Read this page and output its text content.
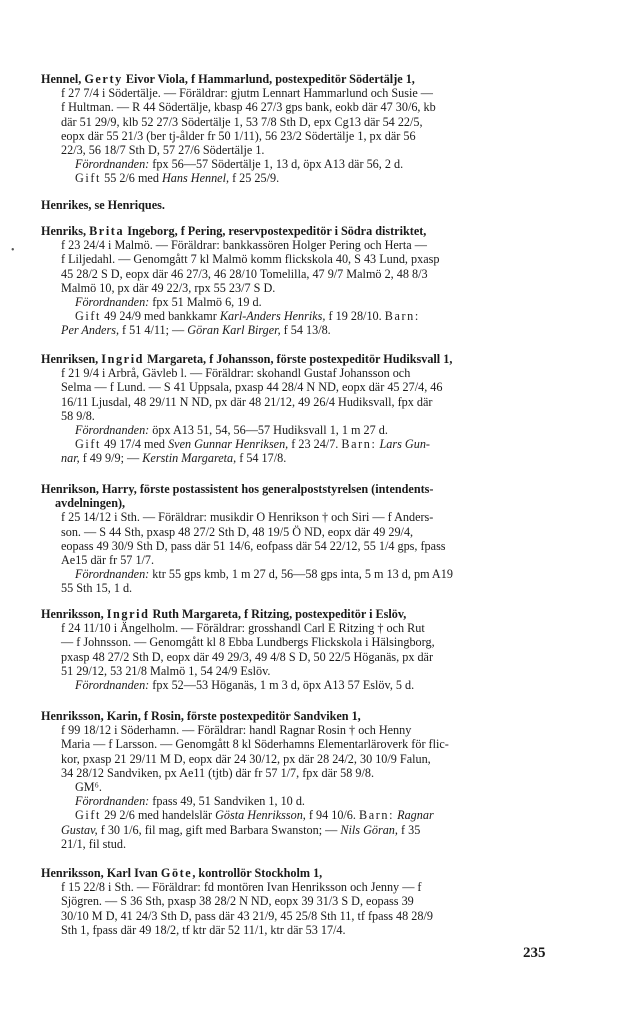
Hennel, Gerty Eivor Viola, f Hammarlund, postexpeditör Södertälje 1,

f 27 7/4 i Södertälje. — Föräldrar: gjutm Lennart Hammarlund och Susie —

f Hultman. — R 44 Södertälje, kbasp 46 27/3 gps bank, eokb där 47 30/6, kb

där 51 29/9, klb 52 27/3 Södertälje 1, 53 7/8 Sth D, epx Cg13 där 54 22/5,

eopx där 55 21/3 (ber tj-ålder fr 50 1/11), 56 23/2 Södertälje 1, px där 56

22/3, 56 18/7 Sth D, 57 27/6 Södertälje 1.

Förordnanden: fpx 56—57 Södertälje 1, 13 d, öpx A13 där 56, 2 d.

Gift 55 2/6 med Hans Hennel, f 25 25/9.

Henrikes, se Henriques.

•

Henriks, Brita Ingeborg, f Pering, reservpostexpeditör i Södra distriktet,

f 23 24/4 i Malmö. — Föräldrar: bankkassören Holger Pering och Herta —

f Liljedahl. — Genomgått 7 kl Malmö komm flickskola 40, S 43 Lund, pxasp

45 28/2 S D, eopx där 46 27/3, 46 28/10 Tomelilla, 47 9/7 Malmö 2, 48 8/3

Malmö 10, px där 49 22/3, rpx 55 23/7 S D.

Förordnanden: fpx 51 Malmö 6, 19 d.

Gift 49 24/9 med bankkamr Karl-Anders Henriks, f 19 28/10. Barn:

Per Anders, f 51 4/11; — Göran Karl Birger, f 54 13/8.

Henriksen, Ingrid Margareta, f Johansson, förste postexpeditör Hudiksvall 1,

f 21 9/4 i Arbrå, Gävleb l. — Föräldrar: skohandl Gustaf Johansson och

Selma — f Lund. — S 41 Uppsala, pxasp 44 28/4 N ND, eopx där 45 27/4, 46

16/11 Ljusdal, 48 29/11 N ND, px där 48 21/12, 49 26/4 Hudiksvall, fpx där

58 9/8.

Förordnanden: öpx A13 51, 54, 56—57 Hudiksvall 1, 1 m 27 d.

Gift 49 17/4 med Sven Gunnar Henriksen, f 23 24/7. Barn: Lars Gun-

nar, f 49 9/9; — Kerstin Margareta, f 54 17/8.

Henrikson, Harry, förste postassistent hos generalpoststyrelsen (intendents-
avdelningen),

f 25 14/12 i Sth. — Föräldrar: musikdir O Henrikson † och Siri — f Anders-

son. — S 44 Sth, pxasp 48 27/2 Sth D, 48 19/5 Ö ND, eopx där 49 29/4,

eopass 49 30/9 Sth D, pass där 51 14/6, eofpass där 54 22/12, 55 1/4 gps, fpass

Ae15 där fr 57 1/7.

Förordnanden: ktr 55 gps kmb, 1 m 27 d, 56—58 gps inta, 5 m 13 d, pm A19

55 Sth 15, 1 d.

Henriksson, Ingrid Ruth Margareta, f Ritzing, postexpeditör i Eslöv,

f 24 11/10 i Ängelholm. — Föräldrar: grosshandl Carl E Ritzing † och Rut

— f Johnsson. — Genomgått kl 8 Ebba Lundbergs Flickskola i Hälsingborg,

pxasp 48 27/2 Sth D, eopx där 49 29/3, 49 4/8 S D, 50 22/5 Höganäs, px där

51 29/12, 53 21/8 Malmö 1, 54 24/9 Eslöv.

Förordnanden: fpx 52—53 Höganäs, 1 m 3 d, öpx A13 57 Eslöv, 5 d.

Henriksson, Karin, f Rosin, förste postexpeditör Sandviken 1,

f 99 18/12 i Söderhamn. — Föräldrar: handl Ragnar Rosin † och Henny

Maria — f Larsson. — Genomgått 8 kl Söderhamns Elementarläroverk för flic-

kor, pxasp 21 29/11 M D, eopx där 24 30/12, px där 28 24/2, 30 10/9 Falun,

34 28/12 Sandviken, px Ae11 (tjtb) där fr 57 1/7, fpx där 58 9/8.

GM⁶.

Förordnanden: fpass 49, 51 Sandviken 1, 10 d.

Gift 29 2/6 med handelslär Gösta Henriksson, f 94 10/6. Barn: Ragnar

Gustav, f 30 1/6, fil mag, gift med Barbara Swanston; — Nils Göran, f 35

21/1, fil stud.

Henriksson, Karl Ivan Göte, kontrollör Stockholm 1,

f 15 22/8 i Sth. — Föräldrar: fd montören Ivan Henriksson och Jenny — f

Sjögren. — S 36 Sth, pxasp 38 28/2 N ND, eopx 39 31/3 S D, eopass 39

30/10 M D, 41 24/3 Sth D, pass där 43 21/9, 45 25/8 Sth 11, tf fpass 48 28/9

Sth 1, fpass där 49 18/2, tf ktr där 52 11/1, ktr där 53 17/4.

235
